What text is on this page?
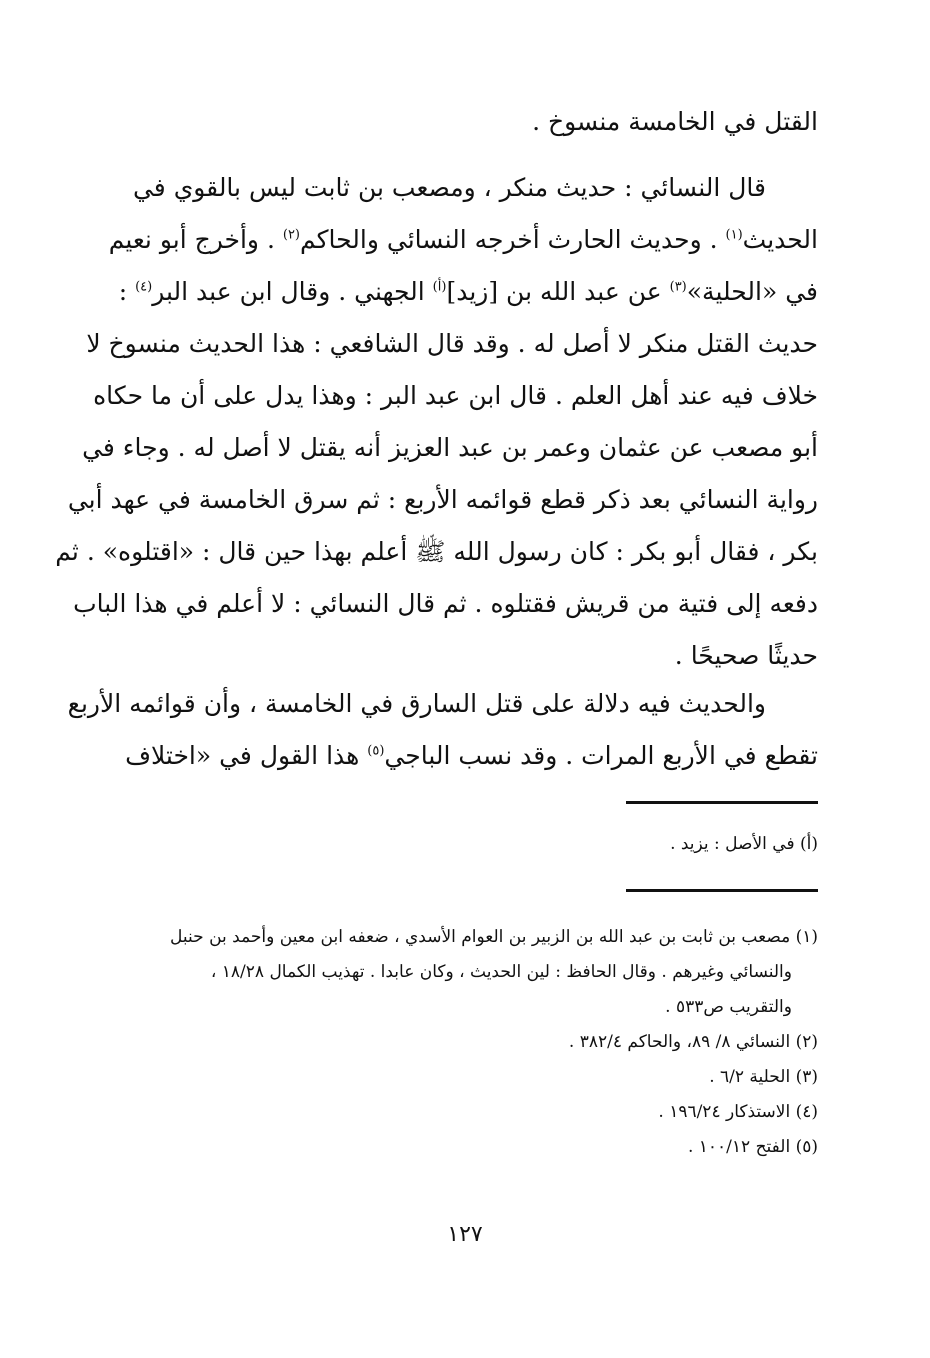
القتل في الخامسة منسوخ .
قال النسائي : حديث منكر ، ومصعب بن ثابت ليس بالقوي في
الحديث$^{(١)}$ . وحديث الحارث أخرجه النسائي والحاكم$^{(٢)}$ . وأخرج أبو نعيم
في «الحلية»$^{(٣)}$ عن عبد الله بن [زيد]$^{(أ)}$ الجهني . وقال ابن عبد البر$^{(٤)}$ :
حديث القتل منكر لا أصل له . وقد قال الشافعي : هذا الحديث منسوخ لا
خلاف فيه عند أهل العلم . قال ابن عبد البر : وهذا يدل على أن ما حكاه
أبو مصعب عن عثمان وعمر بن عبد العزيز أنه يقتل لا أصل له . وجاء في
رواية النسائي بعد ذكر قطع قوائمه الأربع : ثم سرق الخامسة في عهد أبي
بكر ، فقال أبو بكر : كان رسول الله ﷺ أعلم بهذا حين قال : «اقتلوه» . ثم
دفعه إلى فتية من قريش فقتلوه . ثم قال النسائي : لا أعلم في هذا الباب
حديثًا صحيحًا .
والحديث فيه دلالة على قتل السارق في الخامسة ، وأن قوائمه الأربع
تقطع في الأربع المرات . وقد نسب الباجي$^{(٥)}$ هذا القول في «اختلاف
(أ) في الأصل : يزيد .
(١) مصعب بن ثابت بن عبد الله بن الزبير بن العوام الأسدي ، ضعفه ابن معين وأحمد بن حنبل
والنسائي وغيرهم . وقال الحافظ : لين الحديث ، وكان عابدا . تهذيب الكمال ١٨/٢٨ ،
والتقريب ص٥٣٣ .
(٢) النسائي ٨/ ٨٩، والحاكم ٣٨٢/٤ .
(٣) الحلية ٦/٢ .
(٤) الاستذكار ١٩٦/٢٤ .
(٥) الفتح ١٠٠/١٢ .
١٢٧
